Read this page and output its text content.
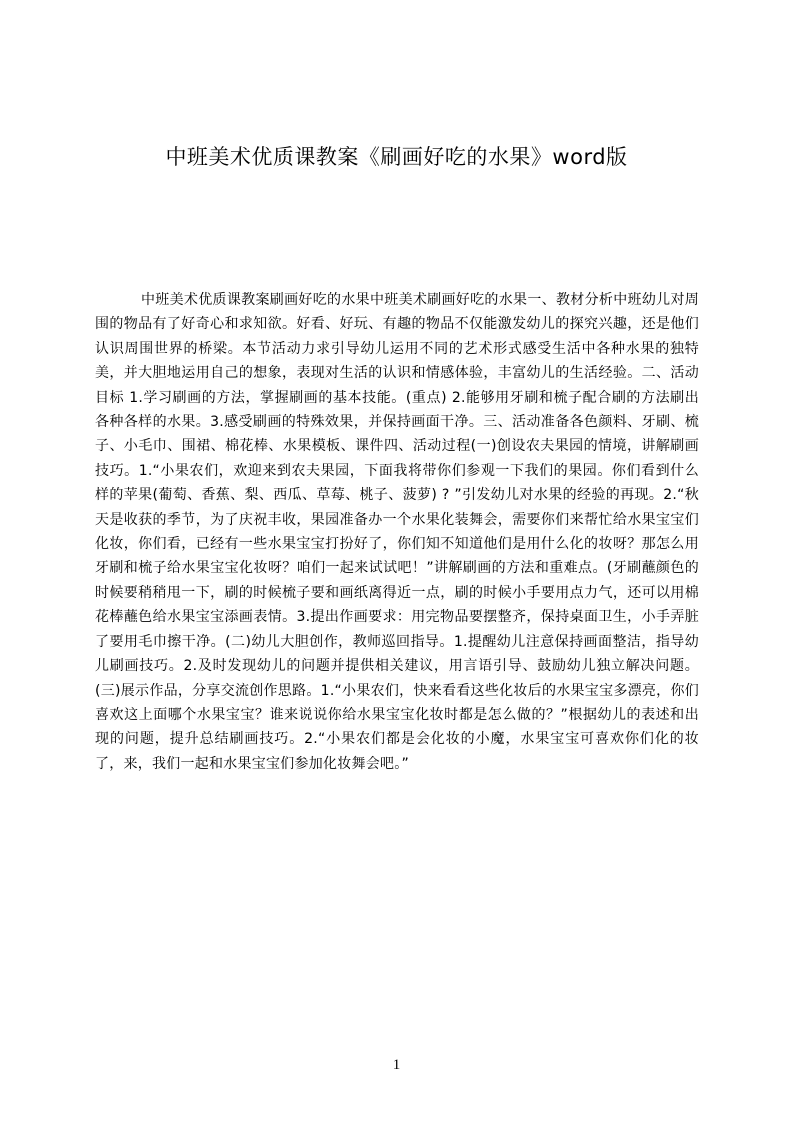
中班美术优质课教案《刷画好吃的水果》word版

中班美术优质课教案刷画好吃的水果中班美术刷画好吃的水果一、教材分析中班幼儿对周围的物品有了好奇心和求知欲。好看、好玩、有趣的物品不仅能激发幼儿的探究兴趣，还是他们认识周围世界的桥梁。本节活动力求引导幼儿运用不同的艺术形式感受生活中各种水果的独特美，并大胆地运用自己的想象，表现对生活的认识和情感体验，丰富幼儿的生活经验。二、活动目标 1.学习刷画的方法，掌握刷画的基本技能。(重点) 2.能够用牙刷和梳子配合刷的方法刷出各种各样的水果。3.感受刷画的特殊效果，并保持画面干净。三、活动准备各色颜料、牙刷、梳子、小毛巾、围裙、棉花棒、水果模板、课件四、活动过程(一)创设农夫果园的情境，讲解刷画技巧。1.“小果农们，欢迎来到农夫果园，下面我将带你们参观一下我们的果园。你们看到什么样的苹果(葡萄、香蕉、梨、西瓜、草莓、桃子、菠萝) ? ”引发幼儿对水果的经验的再现。2.“秋天是收获的季节，为了庆祝丰收，果园准备办一个水果化装舞会，需要你们来帮忙给水果宝宝们化妆，你们看，已经有一些水果宝宝打扮好了，你们知不知道他们是用什么化的妆呀？那怎么用牙刷和梳子给水果宝宝化妆呀？咱们一起来试试吧！”讲解刷画的方法和重难点。(牙刷蘸颜色的时候要稍稍甩一下，刷的时候梳子要和画纸离得近一点，刷的时候小手要用点力气，还可以用棉花棒蘸色给水果宝宝添画表情。3.提出作画要求：用完物品要摆整齐，保持桌面卫生，小手弄脏了要用毛巾擦干净。(二)幼儿大胆创作，教师巡回指导。1.提醒幼儿注意保持画面整洁，指导幼儿刷画技巧。2.及时发现幼儿的问题并提供相关建议，用言语引导、鼓励幼儿独立解决问题。(三)展示作品，分享交流创作思路。1.“小果农们，快来看看这些化妆后的水果宝宝多漂亮，你们喜欢这上面哪个水果宝宝？谁来说说你给水果宝宝化妆时都是怎么做的？”根据幼儿的表述和出现的问题，提升总结刷画技巧。2.“小果农们都是会化妆的小魔，水果宝宝可喜欢你们化的妆了，来，我们一起和水果宝宝们参加化妆舞会吧。”

1
